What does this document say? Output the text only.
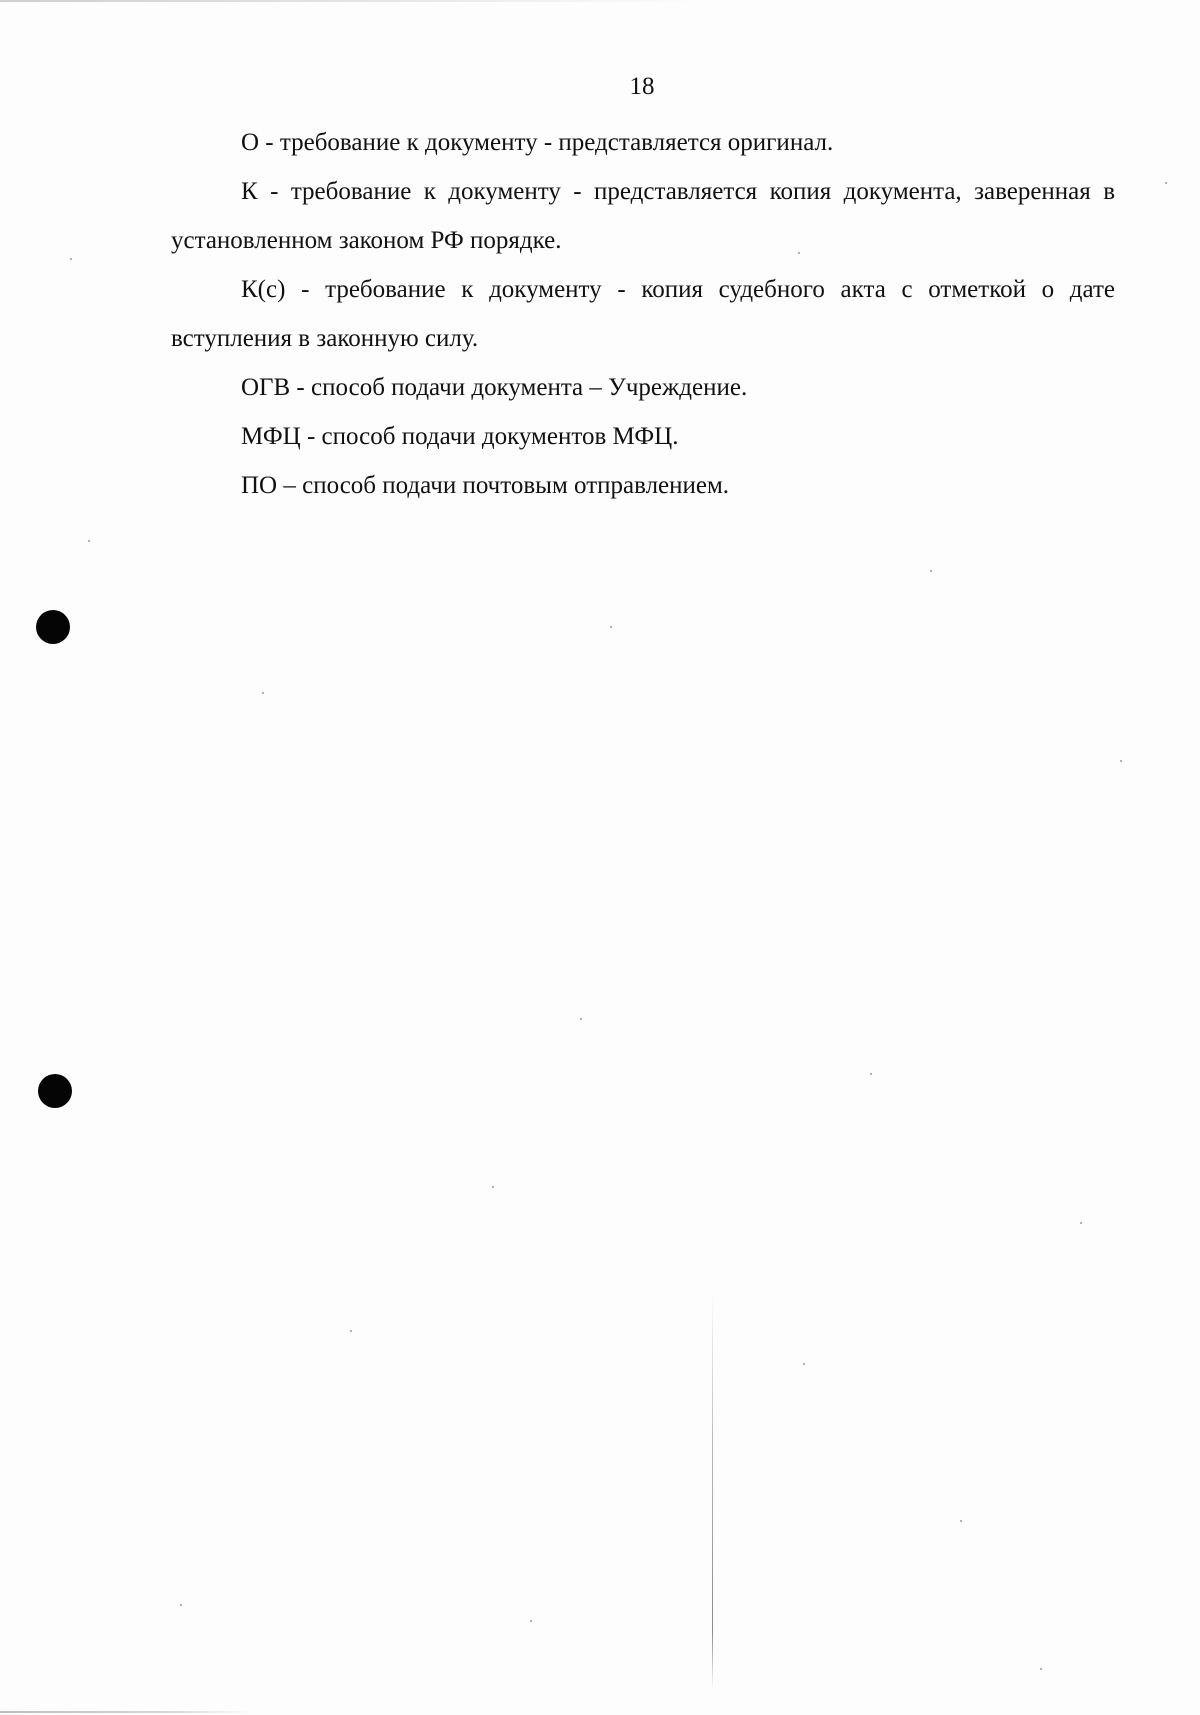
18

О - требование к документу - представляется оригинал.

К - требование к документу - представляется копия документа, заверенная в установленном законом РФ порядке.

К(с) - требование к документу - копия судебного акта с отметкой о дате вступления в законную силу.

ОГВ - способ подачи документа – Учреждение.

МФЦ - способ подачи документов МФЦ.

ПО – способ подачи почтовым отправлением.
